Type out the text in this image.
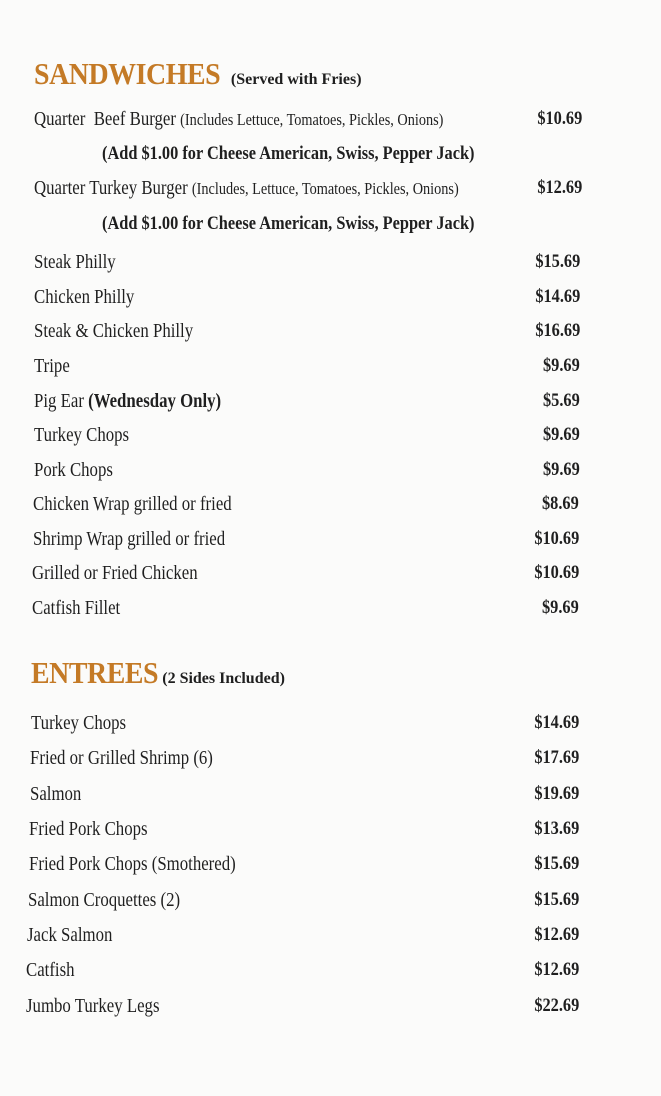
SANDWICHES (Served with Fries)
Quarter Beef Burger (Includes Lettuce, Tomatoes, Pickles, Onions)	$10.69
(Add $1.00 for Cheese American, Swiss, Pepper Jack)
Quarter Turkey Burger (Includes, Lettuce, Tomatoes, Pickles, Onions)	$12.69
(Add $1.00 for Cheese American, Swiss, Pepper Jack)
Steak Philly	$15.69
Chicken Philly	$14.69
Steak & Chicken Philly	$16.69
Tripe	$9.69
Pig Ear (Wednesday Only)	$5.69
Turkey Chops	$9.69
Pork Chops	$9.69
Chicken Wrap grilled or fried	$8.69
Shrimp Wrap grilled or fried	$10.69
Grilled or Fried Chicken	$10.69
Catfish Fillet	$9.69
ENTREES (2 Sides Included)
Turkey Chops	$14.69
Fried or Grilled Shrimp (6)	$17.69
Salmon	$19.69
Fried Pork Chops	$13.69
Fried Pork Chops (Smothered)	$15.69
Salmon Croquettes (2)	$15.69
Jack Salmon	$12.69
Catfish	$12.69
Jumbo Turkey Legs	$22.69
